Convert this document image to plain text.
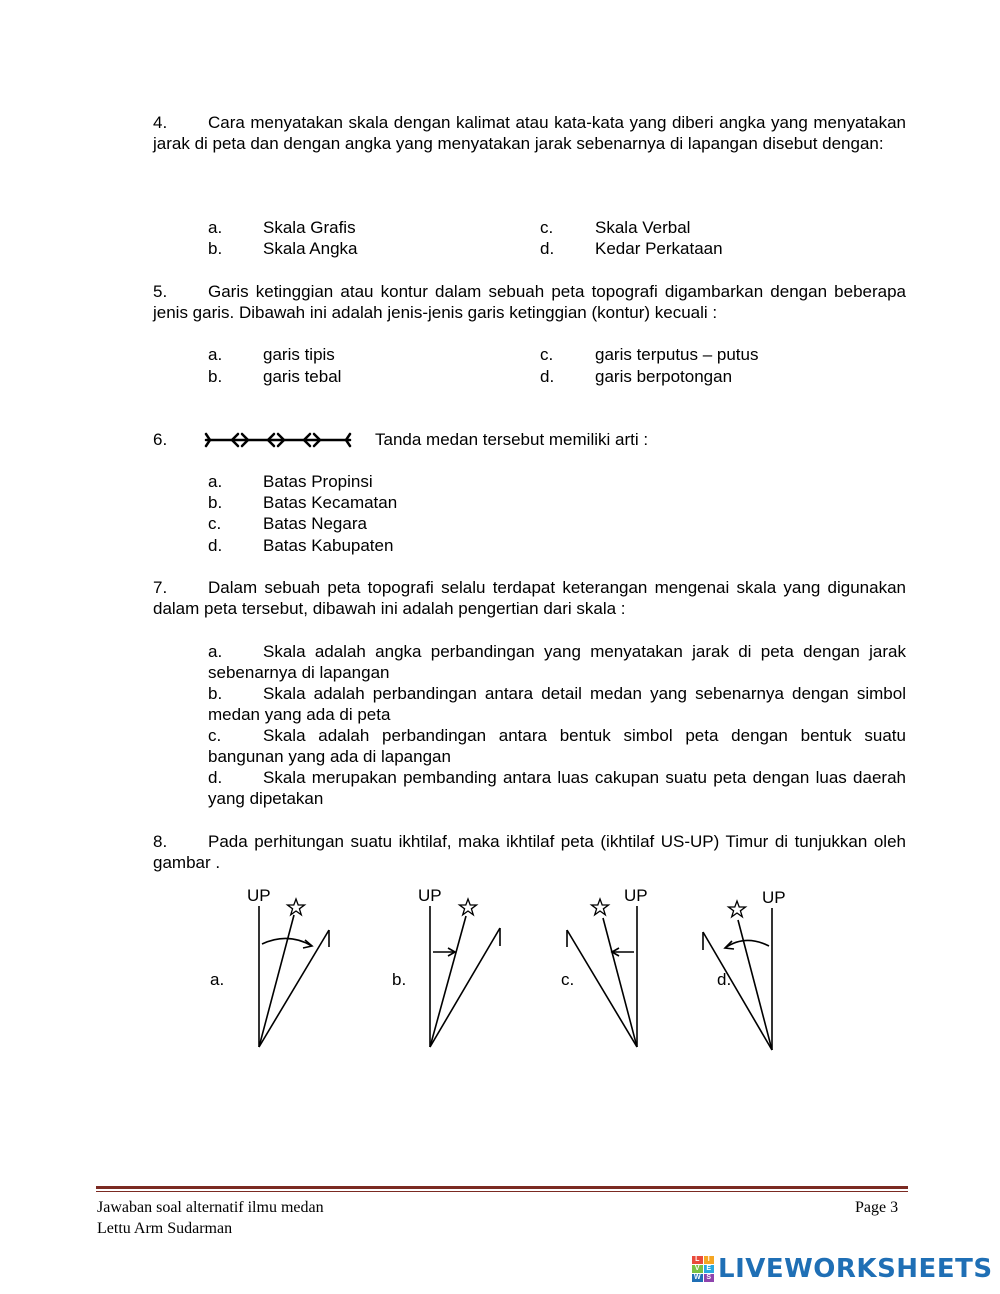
4. Cara menyatakan skala dengan kalimat atau kata-kata yang diberi angka yang menyatakan jarak di peta dan dengan angka yang menyatakan jarak sebenarnya di lapangan disebut dengan:
a. Skala Grafis
b. Skala Angka
c. Skala Verbal
d. Kedar Perkataan
5. Garis ketinggian atau kontur dalam sebuah peta topografi digambarkan dengan beberapa jenis garis. Dibawah ini adalah jenis-jenis garis ketinggian (kontur) kecuali :
a. garis tipis
b. garis tebal
c. garis terputus – putus
d. garis berpotongan
6.	Tanda medan tersebut memiliki arti :
a. Batas Propinsi
b. Batas Kecamatan
c. Batas Negara
d. Batas Kabupaten
7. Dalam sebuah peta topografi selalu terdapat keterangan mengenai skala yang digunakan dalam peta tersebut, dibawah ini adalah pengertian dari skala :
a. Skala adalah angka perbandingan yang menyatakan jarak di peta dengan jarak sebenarnya di lapangan
b. Skala adalah perbandingan antara detail medan yang sebenarnya dengan simbol medan yang ada di peta
c. Skala adalah perbandingan antara bentuk simbol peta dengan bentuk suatu bangunan yang ada di lapangan
d. Skala merupakan pembanding antara luas cakupan suatu peta dengan luas daerah yang dipetakan
8. Pada perhitungan suatu ikhtilaf, maka ikhtilaf peta (ikhtilaf US-UP) Timur di tunjukkan oleh gambar .
a.	b.	c.	d.
UP	UP	UP	UP
Jawaban soal alternatif ilmu medan
Lettu Arm Sudarman
Page 3
L	I
V E
W S LIVEWORKSHEETS
